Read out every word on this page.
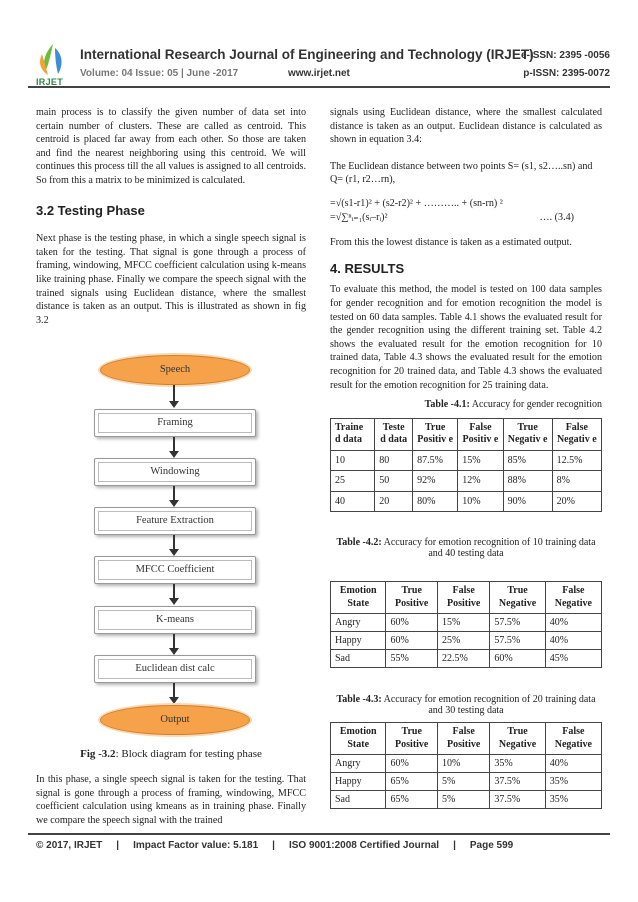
IRJET
International Research Journal of Engineering and Technology (IRJET)
e-ISSN: 2395 -0056
Volume: 04 Issue: 05 | June -2017	www.irjet.net	p-ISSN: 2395-0072

main process is to classify the given number of data set into certain number of clusters. These are called as centroid. This centroid is placed far away from each other. So those are taken and find the nearest neighboring using this centroid. We will continues this process till the all values is assigned to all centroids. So from this a matrix to be minimized is calculated.

3.2 Testing Phase

Next phase is the testing phase, in which a single speech signal is taken for the testing. That signal is gone through a process of framing, windowing, MFCC coefficient calculation using k-means like training phase. Finally we compare the speech signal with the trained signals using Euclidean distance, where the smallest distance is taken as an output. This is illustrated as shown in fig 3.2

Speech
Framing
Windowing
Feature Extraction
MFCC Coefficient
K-means
Euclidean dist calc
Output
Fig -3.2: Block diagram for testing phase

In this phase, a single speech signal is taken for the testing. That signal is gone through a process of framing, windowing, MFCC coefficient calculation using kmeans as in training phase. Finally we compare the speech signal with the trained

signals using Euclidean distance, where the smallest calculated distance is taken as an output. Euclidean distance is calculated as shown in equation 3.4:

The Euclidean distance between two points S= (s1, s2…..sn) and Q= (r1, r2…rn),

=√(s1-r1)² + (s2-r2)² + ……….. + (sn-rn) ²
=√∑ⁿᵢ₌₁(sᵢ–rᵢ)²	…. (3.4)

From this the lowest distance is taken as a estimated output.

4. RESULTS

To evaluate this method, the model is tested on 100 data samples for gender recognition and for emotion recognition the model is tested on 60 data samples. Table 4.1 shows the evaluated result for the gender recognition using the different training set. Table 4.2 shows the evaluated result for the emotion recognition for 10 trained data, Table 4.3 shows the evaluated result for the emotion recognition for 20 trained data, and Table 4.3 shows the evaluated result for the emotion recognition for 25 training data.

Table -4.1: Accuracy for gender recognition

Traine d data	Teste d data	True Positiv e	False Positiv e	True Negativ e	False Negativ e
10	80	87.5%	15%	85%	12.5%
25	50	92%	12%	88%	8%
40	20	80%	10%	90%	20%

Table -4.2: Accuracy for emotion recognition of 10 training data and 40 testing data

Emotion State	True Positive	False Positive	True Negative	False Negative
Angry	60%	15%	57.5%	40%
Happy	60%	25%	57.5%	40%
Sad	55%	22.5%	60%	45%

Table -4.3: Accuracy for emotion recognition of 20 training data and 30 testing data

Emotion State	True Positive	False Positive	True Negative	False Negative
Angry	60%	10%	35%	40%
Happy	65%	5%	37.5%	35%
Sad	65%	5%	37.5%	35%
© 2017, IRJET | Impact Factor value: 5.181 | ISO 9001:2008 Certified Journal | Page 599
